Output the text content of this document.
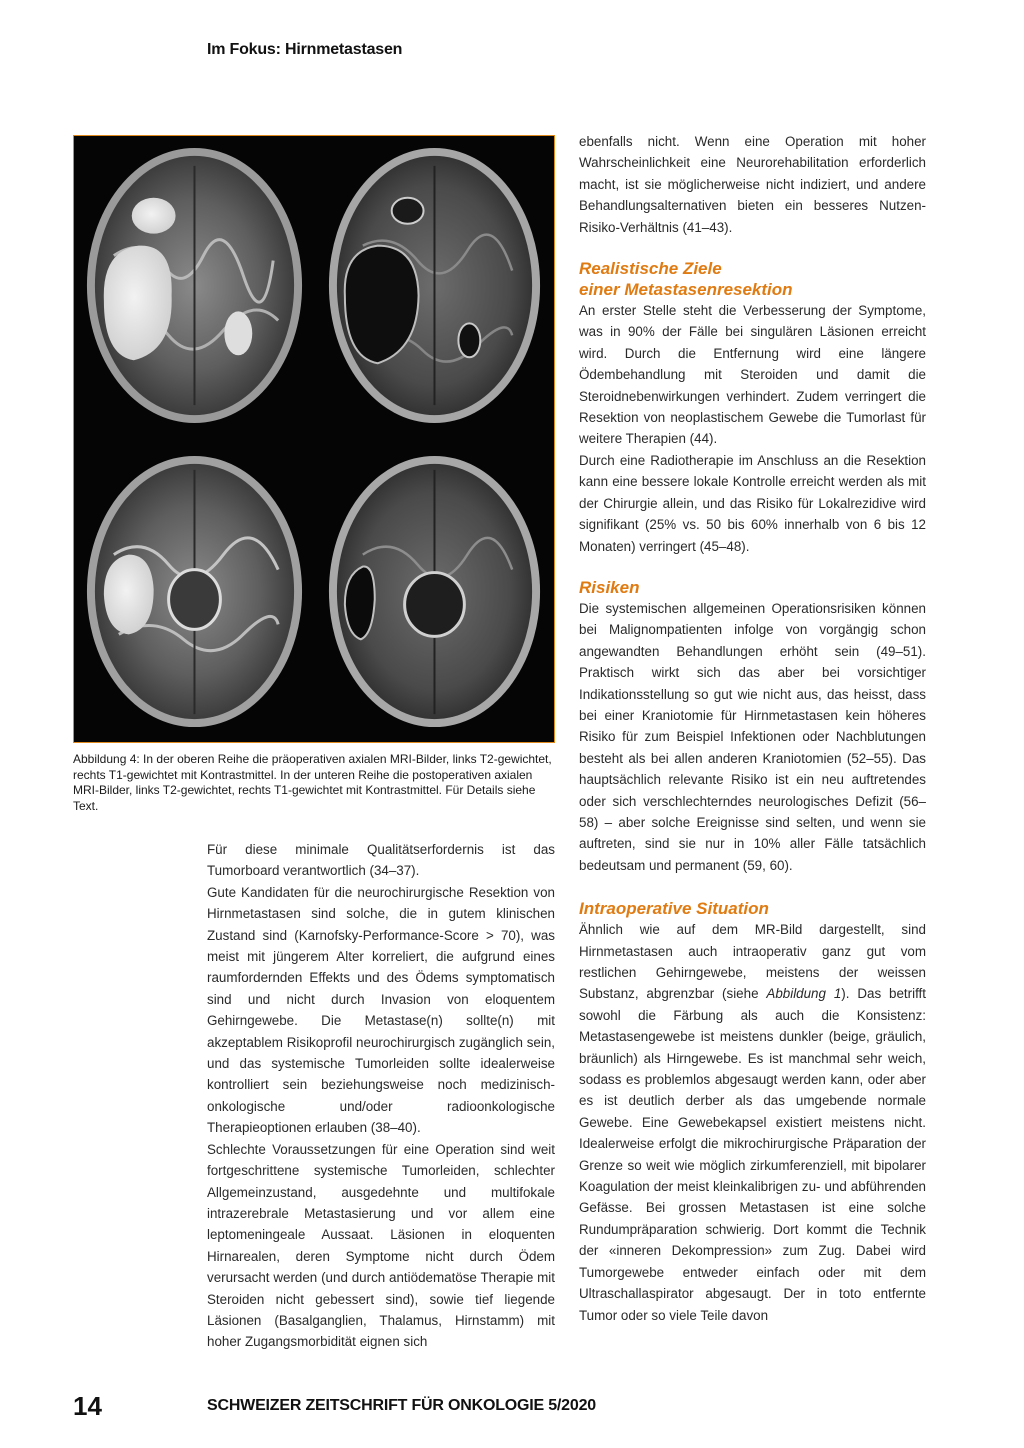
Im Fokus: Hirnmetastasen
Abbildung 4: In der oberen Reihe die präoperativen axialen MRI-Bilder, links T2-gewichtet, rechts T1-gewichtet mit Kontrastmittel. In der unteren Reihe die postoperativen axialen MRI-Bilder, links T2-gewichtet, rechts T1-gewichtet mit Kontrastmittel. Für Details siehe Text.

Für diese minimale Qualitätserfordernis ist das Tumorboard verantwortlich (34–37).

Gute Kandidaten für die neurochirurgische Resektion von Hirnmetastasen sind solche, die in gutem klinischen Zustand sind (Karnofsky-Performance-Score > 70), was meist mit jüngerem Alter korreliert, die aufgrund eines raumfordernden Effekts und des Ödems symptomatisch sind und nicht durch Invasion von eloquentem Gehirngewebe. Die Metastase(n) sollte(n) mit akzeptablem Risikoprofil neurochirurgisch zugänglich sein, und das systemische Tumorleiden sollte idealerweise kontrolliert sein beziehungsweise noch medizinisch-onkologische und/oder radioonkologische Therapieoptionen erlauben (38–40).

Schlechte Voraussetzungen für eine Operation sind weit fortgeschrittene systemische Tumorleiden, schlechter Allgemeinzustand, ausgedehnte und multifokale intrazerebrale Metastasierung und vor allem eine leptomeningeale Aussaat. Läsionen in eloquenten Hirnarealen, deren Symptome nicht durch Ödem verursacht werden (und durch antiödematöse Therapie mit Steroiden nicht gebessert sind), sowie tief liegende Läsionen (Basalganglien, Thalamus, Hirnstamm) mit hoher Zugangsmorbidität eignen sich

ebenfalls nicht. Wenn eine Operation mit hoher Wahrscheinlichkeit eine Neurorehabilitation erforderlich macht, ist sie möglicherweise nicht indiziert, und andere Behandlungsalternativen bieten ein besseres Nutzen-Risiko-Verhältnis (41–43).

Realistische Ziele
einer Metastasenresektion

An erster Stelle steht die Verbesserung der Symptome, was in 90% der Fälle bei singulären Läsionen erreicht wird. Durch die Entfernung wird eine längere Ödembehandlung mit Steroiden und damit die Steroidnebenwirkungen verhindert. Zudem verringert die Resektion von neoplastischem Gewebe die Tumorlast für weitere Therapien (44).

Durch eine Radiotherapie im Anschluss an die Resektion kann eine bessere lokale Kontrolle erreicht werden als mit der Chirurgie allein, und das Risiko für Lokalrezidive wird signifikant (25% vs. 50 bis 60% innerhalb von 6 bis 12 Monaten) verringert (45–48).

Risiken

Die systemischen allgemeinen Operationsrisiken können bei Malignompatienten infolge von vorgängig schon angewandten Behandlungen erhöht sein (49–51). Praktisch wirkt sich das aber bei vorsichtiger Indikationsstellung so gut wie nicht aus, das heisst, dass bei einer Kraniotomie für Hirnmetastasen kein höheres Risiko für zum Beispiel Infektionen oder Nachblutungen besteht als bei allen anderen Kraniotomien (52–55). Das hauptsächlich relevante Risiko ist ein neu auftretendes oder sich verschlechterndes neurologisches Defizit (56–58) – aber solche Ereignisse sind selten, und wenn sie auftreten, sind sie nur in 10% aller Fälle tatsächlich bedeutsam und permanent (59, 60).

Intraoperative Situation

Ähnlich wie auf dem MR-Bild dargestellt, sind Hirnmetastasen auch intraoperativ ganz gut vom restlichen Gehirngewebe, meistens der weissen Substanz, abgrenzbar (siehe Abbildung 1). Das betrifft sowohl die Färbung als auch die Konsistenz: Metastasengewebe ist meistens dunkler (beige, gräulich, bräunlich) als Hirngewebe. Es ist manchmal sehr weich, sodass es problemlos abgesaugt werden kann, oder aber es ist deutlich derber als das umgebende normale Gewebe. Eine Gewebekapsel existiert meistens nicht. Idealerweise erfolgt die mikrochirurgische Präparation der Grenze so weit wie möglich zirkumferenziell, mit bipolarer Koagulation der meist kleinkalibrigen zu- und abführenden Gefässe. Bei grossen Metastasen ist eine solche Rundumpräparation schwierig. Dort kommt die Technik der «inneren Dekompression» zum Zug. Dabei wird Tumorgewebe entweder einfach oder mit dem Ultraschallaspirator abgesaugt. Der in toto entfernte Tumor oder so viele Teile davon

14	SCHWEIZER ZEITSCHRIFT FÜR ONKOLOGIE 5/2020
